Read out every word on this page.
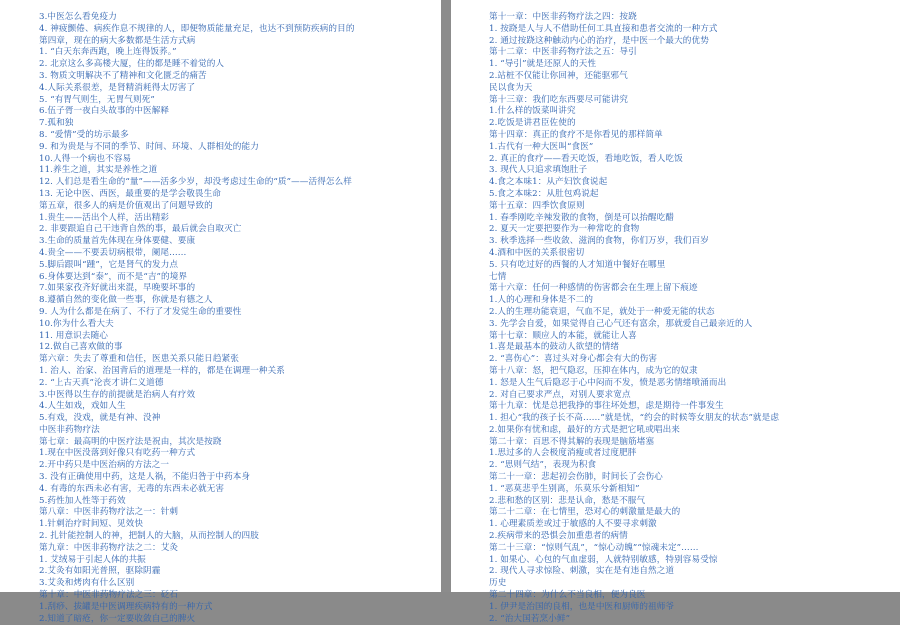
3.中医怎么看免疫力
4. 神疲颤倦、病疾作息不规律的人，即便物质能量充足，也达不到预防疾病的目的
第四章，现在的病大多数都是生活方式病
1. “白天东奔西跑，晚上连得饭荞。”
2. 北京这么多高楼大厦，住的都是睡不着觉的人
3. 物质文明解决不了精神和文化匮乏的痛苦
4.人际关系很差，是肾精消耗得太厉害了
5. “有胃气则生，无胃气则死”
6.伍子胥一夜白头故事的中医解释
7.孤和独
8. “爱情”受的坊示最多
9. 和为贵是与不同的季节、时间、环境、人群相处的能力
10.人得一个病也不容易
11.养生之道，其实是养性之道
12. 人们总是看生命的“量”——活多少岁，却没考虑过生命的“质”——活得怎么样
13. 无论中医、西医，最重要的是学会敬畏生命
第五章，很多人的病是价值观出了问题导致的
1.贵生——活出个人样，活出精彩
2. 非要跟追自己干违背自然的事，最后就会自取灭亡
3.生命的质量首先体现在身体要健、要康
4.贵全——不要丢切病根带，阑尾……
5.脚后跟叫“踵”，它是肾气的发力点
6.身体要达到“泰”，而不是“吉”的境界
7.如果家孜齐好就出来混，早晚要坏事的
8.遵循自然的变化做一些事，你就是有德之人
9. 人为什么都是在病了、不行了才发觉生命的重要性
10.你为什么看大夫
11. 用意识去随心
12.做自己喜欢做的事
第六章：失去了尊重和信任，医患关系只能日趋紧张
1. 治人、治家、治国背后的道理是一样的，都是在调理一种关系
2. “上古天真”沦丧才讲仁义道德
3.中医得以生存的前提就是治病人有疗效
4.人生如戏，戏如人生
5.有戏，没戏，就是有神、没神
中医非药物疗法
第七章：最高明的中医疗法是祝由，其次是按跷
1.现在中医没落到好像只有吃药一种方式
2.开中药只是中医治病的方法之一
3. 没有正确使用中药，这是人祸，不能归咎于中药本身
4. 有毒的东西未必有害，无毒的东西未必就无害
5.药性加人性等于药效
第八章：中医非药物疗法之一：针刺
1.针刺治疗时间短、见效快
2. 扎针能控制人的神，把制人的大脑，从而控制人的四肢
第九章：中医非药物疗法之二：艾灸
1. 艾绒易于引起人体的共振
2.艾灸有如阳光普照，驱除阴霾
3.艾灸和烤肉有什么区别
第十章：中医非药物疗法之三：砭石
1.刮痧、拔罐是中医调理疾病特有的一种方式
2.知道了暗疮，你一定要收敛自己的脾火
第十一章：中医非药物疗法之四：按跷
1. 按跷是人与人不借助任何工具直接和患者交流的一种方式
2. 通过按跷这种触动内心的治疗，是中医一个最大的优势
第十二章：中医非药物疗法之五：导引
1. “导引”就是还原人的天性
2.站桩不仅能让你回神，还能驱邪气
民以食为天
第十三章：我们吃东西要尽可能讲究
1.什么样的饭菜叫讲究
2.吃饭是讲君臣佐使的
第十四章：真正的食疗不是你看见的那样简单
1.古代有一种大医叫“食医”
2. 真正的食疗——看天吃饭，看地吃饭，看人吃饭
3. 现代人只追求填饱肚子
4.食之本味1：从产妇饮食说起
5.食之本味2：从肚包鸡说起
第十五章：四季饮食原则
1. 春季刚吃辛辣发散的食物，倒是可以抬醒吃醋
2. 夏天一定要把要作为一种常吃的食物
3. 秋季选择一些收敛、滋润的食物，你们万岁，我们百岁
4.酒和中医的关系很密切
5. 只有吃过好的西餐的人才知道中餐好在哪里
七情
第十六章：任何一种感情的伤害都会在生理上留下痕迹
1.人的心理和身体是不二的
2.人的生理功能衰退，气血不足，就处于一种爱无能的状态
3. 先学会自爱，如果觉得自己心气还有富余，那就爱自己最亲近的人
第十七章：顺应人的本能，就能让人喜
1.喜是最基本的鼓动人欲望的情绪
2. “喜伤心”：喜过头对身心都会有大的伤害
第十八章：怒，把气隐忍，压抑在体内，成为它的奴隶
1. 怒是人生气后隐忍于心中闷而不发，愤是恶劣情绪喷涌而出
2. 对自己要求严点，对别人要求宽点
第十九章：忧是总把我挣的事往坏处想，虑是期待一件事发生
1. 担心“我的孩子长不高……”就是忧，“约会的时候等女朋友的状态”就是虑
2.如果你有忧和虑，最好的方式是把它吼或唱出来
第二十章：百思不得其解的表现是脑筋堵塞
1.思过多的人会极度消瘦或者过度肥胖
2. “思则气结”，表现为积食
第二十一章：悲起初会伤肺，时间长了会伤心
1. “恶莫悲乎生别离，乐莫乐兮新相知”
2.悲和愁的区别：悲是认命，愁是不服气
第二十二章：在七情里，恐对心的刺激量是最大的
1. 心理素质差或过于敏感的人不要寻求刺激
2.疾病带来的恐惧会加重患者的病情
第二十三章：“惊则气乱”，“惊心动魄”“惊魂未定”……
1. 如果心、心包的气血虚弱，人就特别敏感，特别容易受惊
2. 现代人寻求惊险、刺激，实在是有违自然之道
历史
第二十四章：为什么不当良相，便为良医
1. 伊尹是治国的良相，也是中医和厨师的祖师爷
2. “治大国若烹小鲜”
